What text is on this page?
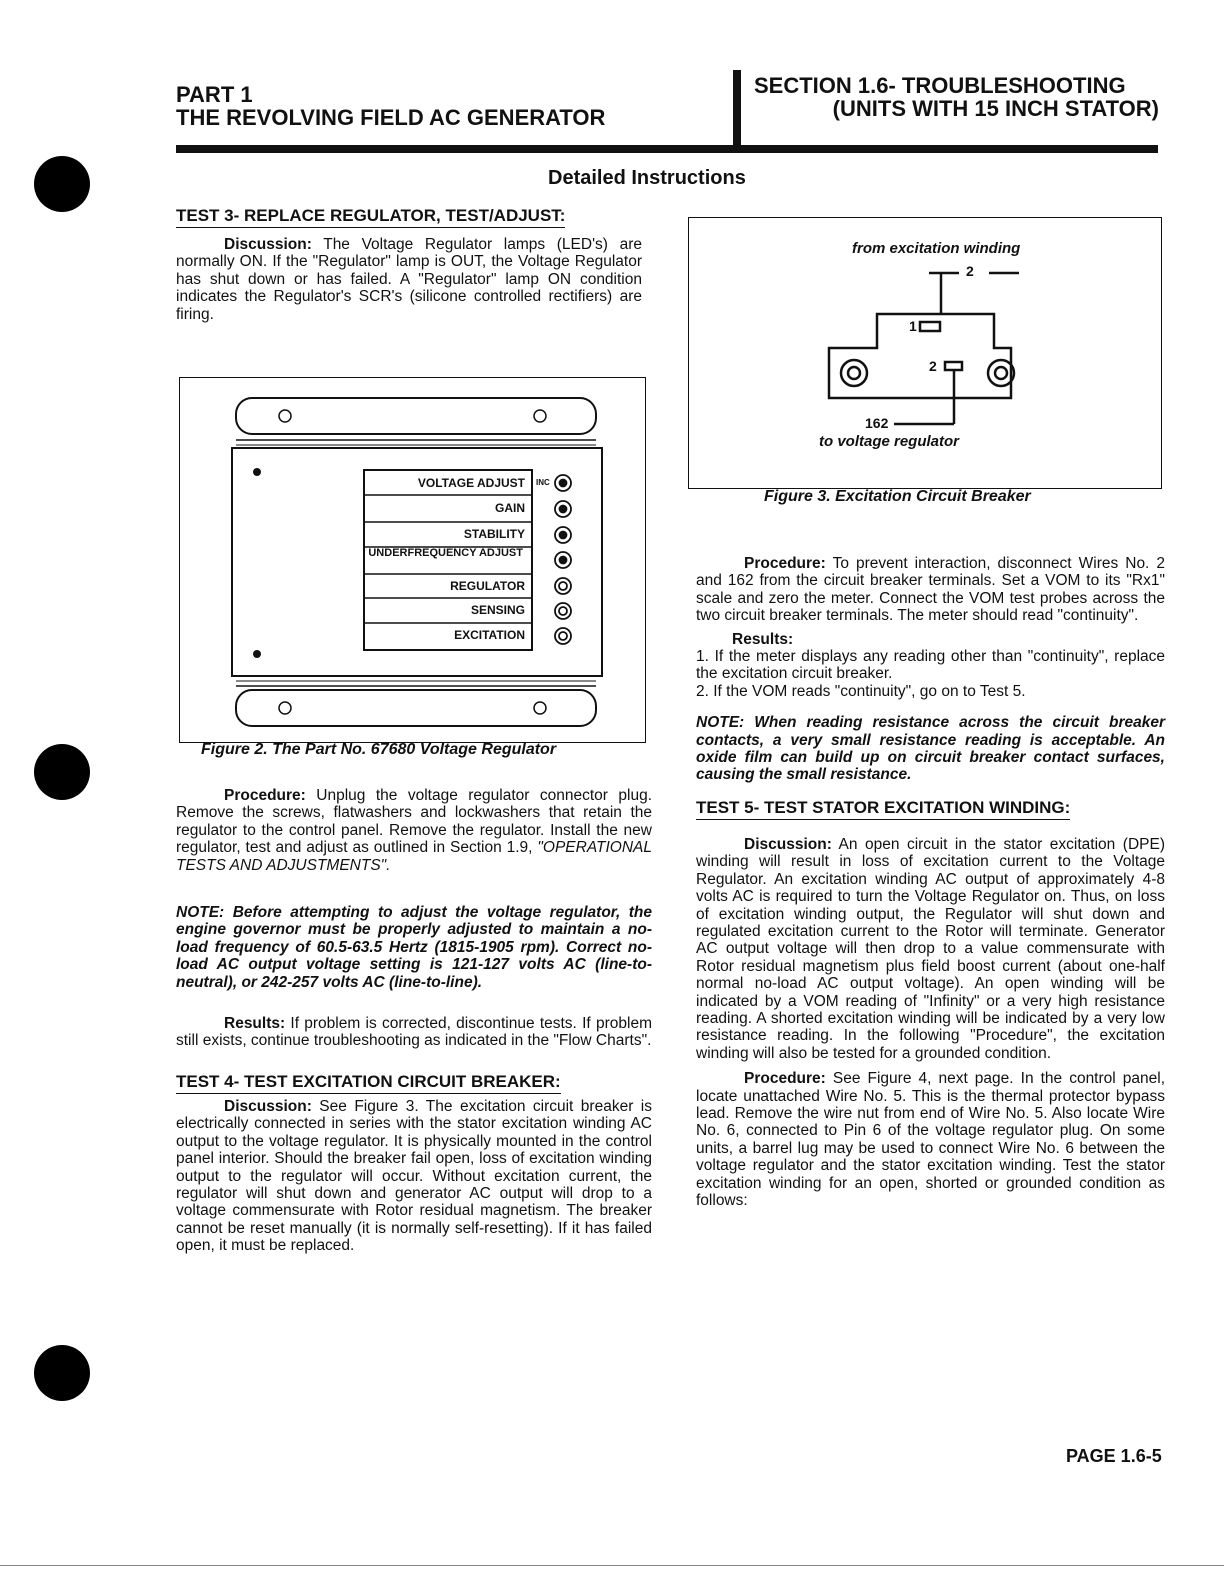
PART 1
THE REVOLVING FIELD AC GENERATOR
SECTION 1.6- TROUBLESHOOTING
(UNITS WITH 15 INCH STATOR)
Detailed Instructions
TEST 3- REPLACE REGULATOR, TEST/ADJUST:

Discussion: The Voltage Regulator lamps (LED's) are normally ON. If the "Regulator" lamp is OUT, the Voltage Regulator has shut down or has failed. A "Regulator" lamp ON condition indicates the Regulator's SCR's (silicone controlled rectifiers) are firing.

VOLTAGE ADJUST
GAIN
STABILITY
UNDERFREQUENCY ADJUST
REGULATOR
SENSING
EXCITATION
INC
Figure 2. The Part No. 67680 Voltage Regulator

Procedure: Unplug the voltage regulator connector plug. Remove the screws, flatwashers and lockwashers that retain the regulator to the control panel. Remove the regulator. Install the new regulator, test and adjust as outlined in Section 1.9, "OPERATIONAL TESTS AND ADJUSTMENTS".

NOTE: Before attempting to adjust the voltage regulator, the engine governor must be properly adjusted to maintain a no-load frequency of 60.5-63.5 Hertz (1815-1905 rpm). Correct no-load AC output voltage setting is 121-127 volts AC (line-to-neutral), or 242-257 volts AC (line-to-line).

Results: If problem is corrected, discontinue tests. If problem still exists, continue troubleshooting as indicated in the "Flow Charts".

TEST 4- TEST EXCITATION CIRCUIT BREAKER:

Discussion: See Figure 3. The excitation circuit breaker is electrically connected in series with the stator excitation winding AC output to the voltage regulator. It is physically mounted in the control panel interior. Should the breaker fail open, loss of excitation winding output to the regulator will occur. Without excitation current, the regulator will shut down and generator AC output will drop to a voltage commensurate with Rotor residual magnetism. The breaker cannot be reset manually (it is normally self-resetting). If it has failed open, it must be replaced.

from excitation winding
2
1
2
162
to voltage regulator
Figure 3. Excitation Circuit Breaker

Procedure: To prevent interaction, disconnect Wires No. 2 and 162 from the circuit breaker terminals. Set a VOM to its "Rx1" scale and zero the meter. Connect the VOM test probes across the two circuit breaker terminals. The meter should read "continuity".

Results:

1. If the meter displays any reading other than "continuity", replace the excitation circuit breaker.

2. If the VOM reads "continuity", go on to Test 5.

NOTE: When reading resistance across the circuit breaker contacts, a very small resistance reading is acceptable. An oxide film can build up on circuit breaker contact surfaces, causing the small resistance.

TEST 5- TEST STATOR EXCITATION WINDING:

Discussion: An open circuit in the stator excitation (DPE) winding will result in loss of excitation current to the Voltage Regulator. An excitation winding AC output of approximately 4-8 volts AC is required to turn the Voltage Regulator on. Thus, on loss of excitation winding output, the Regulator will shut down and regulated excitation current to the Rotor will terminate. Generator AC output voltage will then drop to a value commensurate with Rotor residual magnetism plus field boost current (about one-half normal no-load AC output voltage). An open winding will be indicated by a VOM reading of "Infinity" or a very high resistance reading. A shorted excitation winding will be indicated by a very low resistance reading. In the following "Procedure", the excitation winding will also be tested for a grounded condition.

Procedure: See Figure 4, next page. In the control panel, locate unattached Wire No. 5. This is the thermal protector bypass lead. Remove the wire nut from end of Wire No. 5. Also locate Wire No. 6, connected to Pin 6 of the voltage regulator plug. On some units, a barrel lug may be used to connect Wire No. 6 between the voltage regulator and the stator excitation winding. Test the stator excitation winding for an open, shorted or grounded condition as follows:

PAGE 1.6-5
